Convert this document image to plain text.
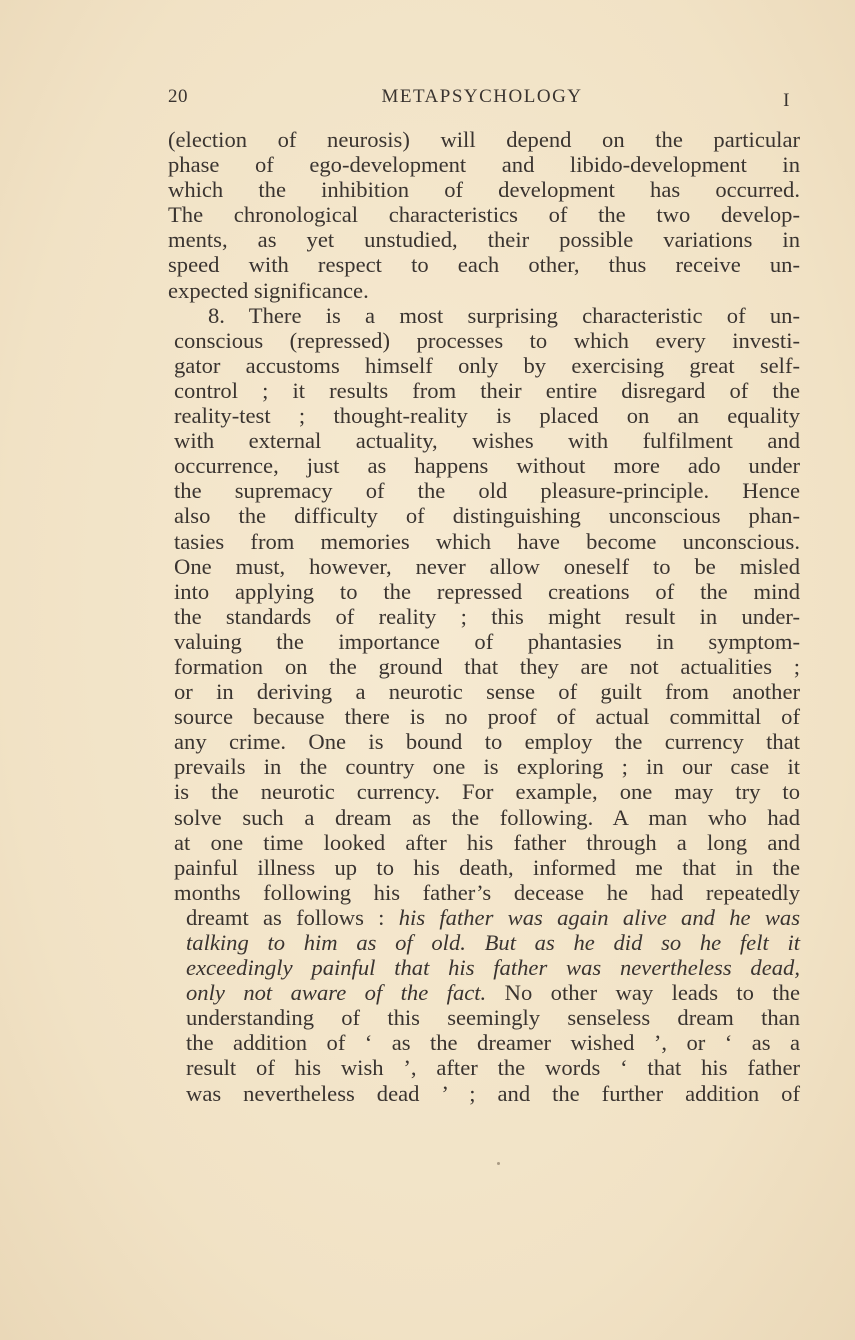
20	METAPSYCHOLOGY	I
(election of neurosis) will depend on the particular
phase of ego-development and libido-development in
which the inhibition of development has occurred.
The chronological characteristics of the two develop-
ments, as yet unstudied, their possible variations in
speed with respect to each other, thus receive un-
expected significance.
8. There is a most surprising characteristic of un-
conscious (repressed) processes to which every investi-
gator accustoms himself only by exercising great self-
control ; it results from their entire disregard of the
reality-test ; thought-reality is placed on an equality
with external actuality, wishes with fulfilment and
occurrence, just as happens without more ado under
the supremacy of the old pleasure-principle. Hence
also the difficulty of distinguishing unconscious phan-
tasies from memories which have become unconscious.
One must, however, never allow oneself to be misled
into applying to the repressed creations of the mind
the standards of reality ; this might result in under-
valuing the importance of phantasies in symptom-
formation on the ground that they are not actualities ;
or in deriving a neurotic sense of guilt from another
source because there is no proof of actual committal of
any crime. One is bound to employ the currency that
prevails in the country one is exploring ; in our case it
is the neurotic currency. For example, one may try to
solve such a dream as the following. A man who had
at one time looked after his father through a long and
painful illness up to his death, informed me that in the
months following his father’s decease he had repeatedly
dreamt as follows : his father was again alive and he was
talking to him as of old. But as he did so he felt it
exceedingly painful that his father was nevertheless dead,
only not aware of the fact. No other way leads to the
understanding of this seemingly senseless dream than
the addition of ‘ as the dreamer wished ’, or ‘ as a
result of his wish ’, after the words ‘ that his father
was nevertheless dead ’ ; and the further addition of
